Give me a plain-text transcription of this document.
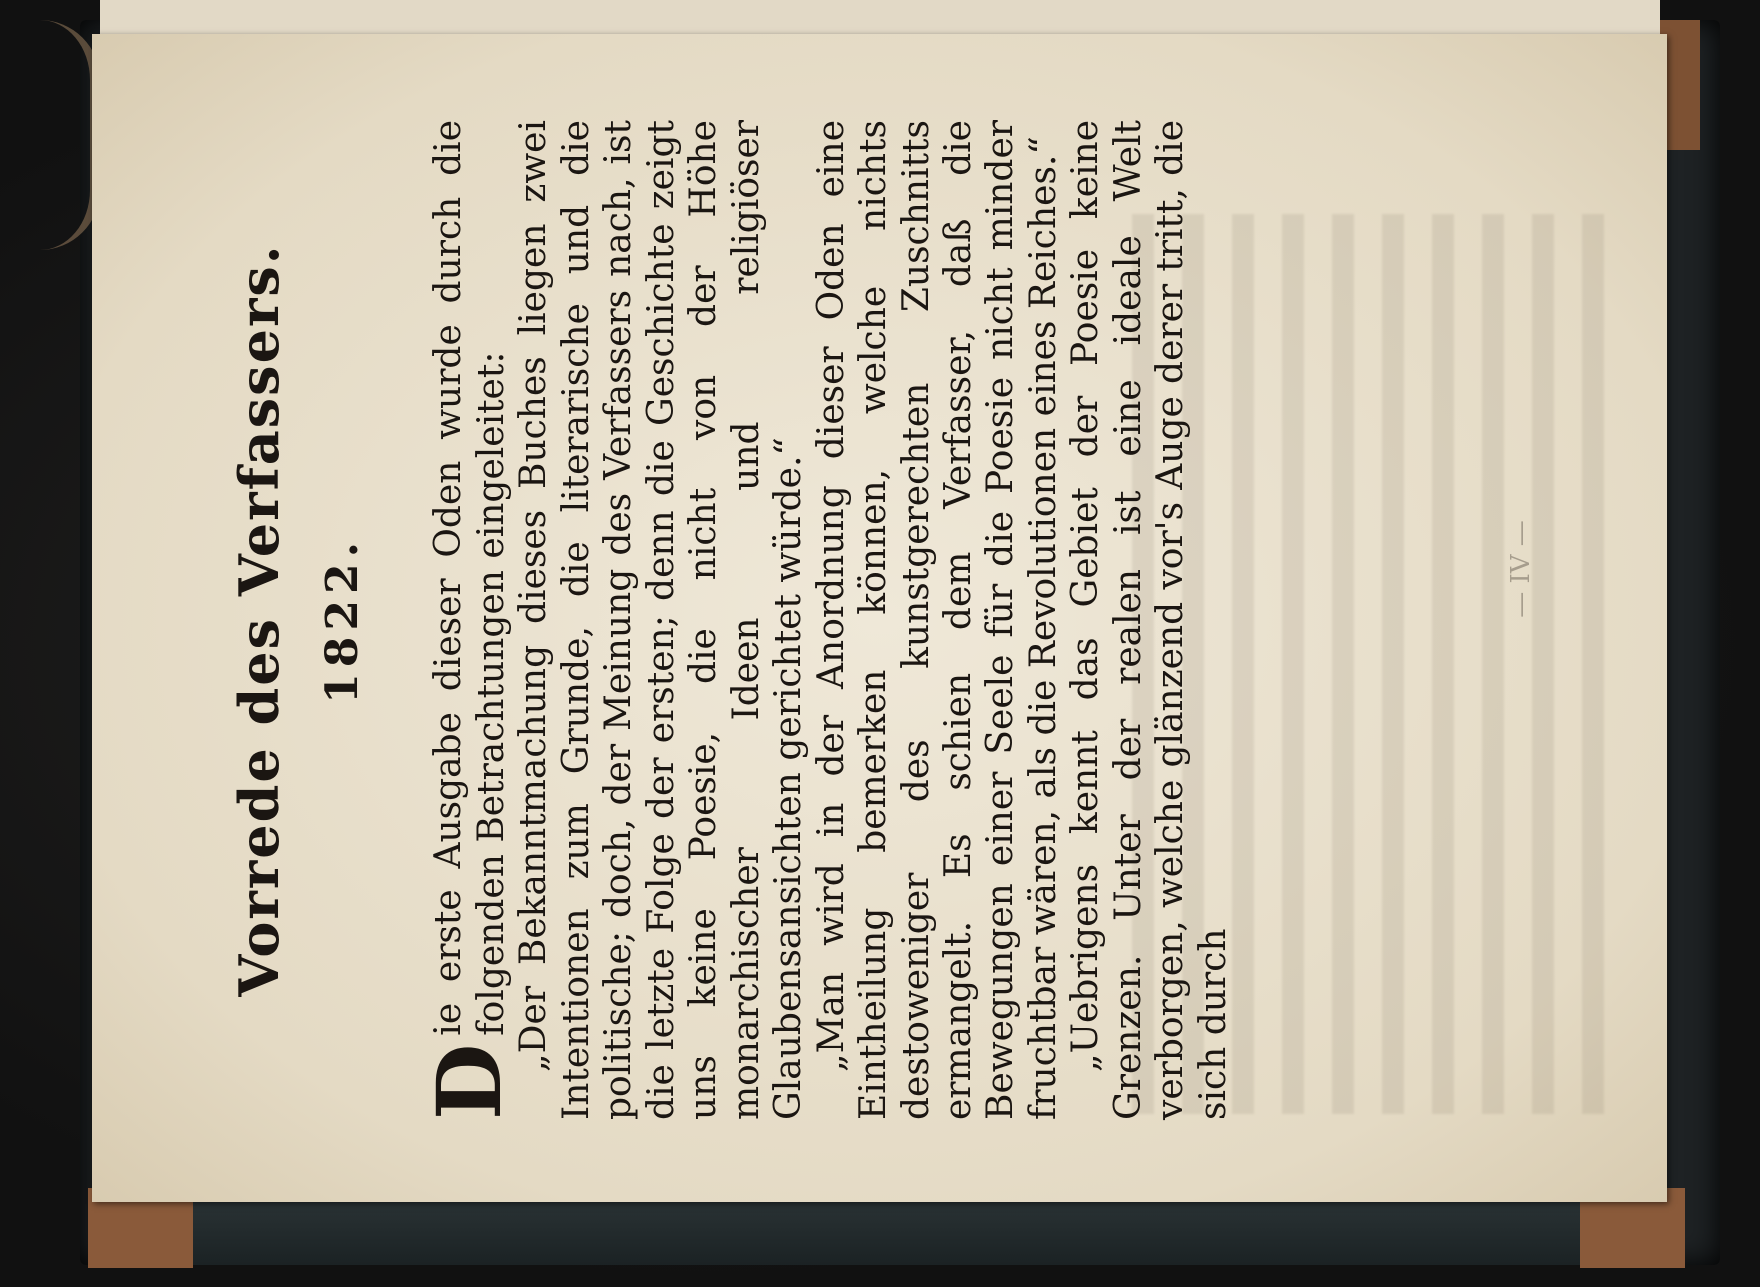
— IV —
Vorrede des Verfassers. 1822.

D
ie erste Ausgabe dieser Oden wurde durch die folgenden Betrachtungen eingeleitet: „Der Bekanntmachung dieses Buches liegen zwei Intentionen zum Grunde, die literarische und die politische; doch, der Meinung des Verfassers nach, ist die letzte Folge der ersten; denn die Geschichte zeigt uns keine Poesie, die nicht von der Höhe monarchischer Ideen und religiöser Glaubensansichten gerichtet würde.“ „Man wird in der Anordnung dieser Oden eine Eintheilung bemerken können, welche nichts destoweniger des kunstgerechten Zuschnitts ermangelt. Es schien dem Verfasser, daß die Bewegungen einer Seele für die Poesie nicht minder fruchtbar wären, als die Revolutionen eines Reiches.“ „Uebrigens kennt das Gebiet der Poesie keine Grenzen. Unter der realen ist eine ideale Welt verborgen, welche glänzend vor's Auge derer tritt, die sich durch
